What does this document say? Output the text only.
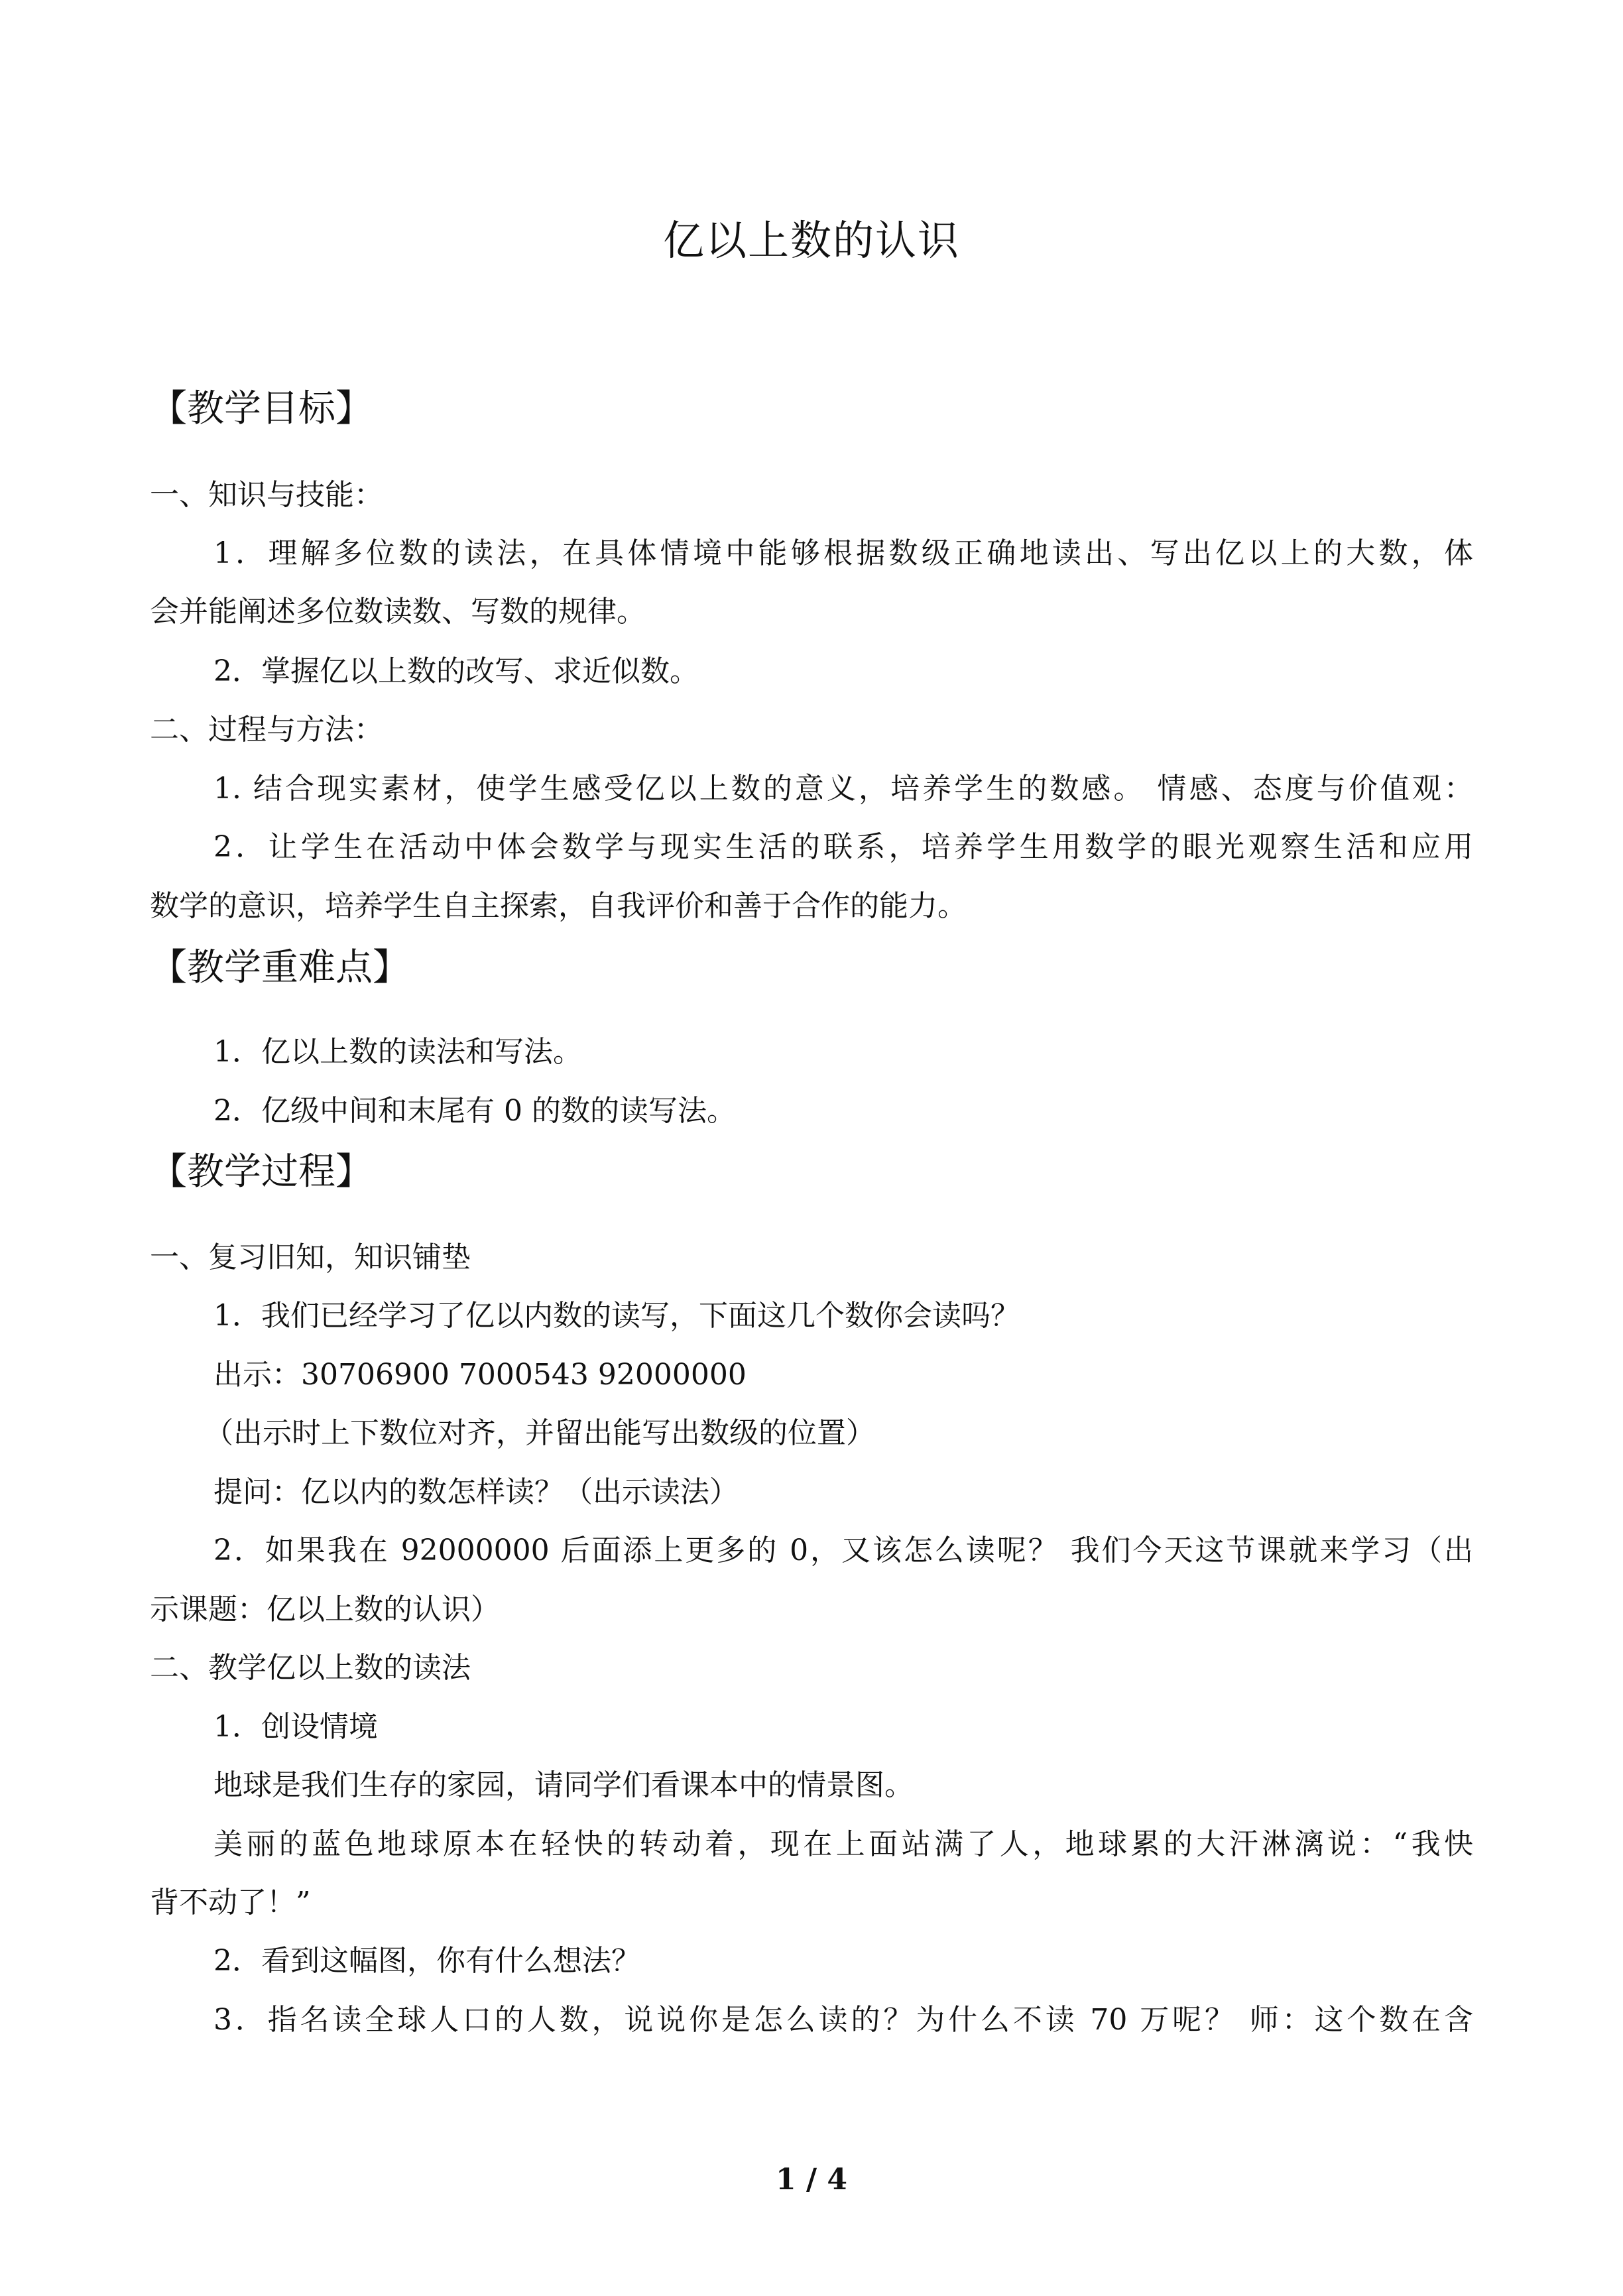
亿以上数的认识
【教学目标】
一、知识与技能：
1．理解多位数的读法，在具体情境中能够根据数级正确地读出、写出亿以上的大数，体
会并能阐述多位数读数、写数的规律。
2．掌握亿以上数的改写、求近似数。
二、过程与方法：
1. 结合现实素材，使学生感受亿以上数的意义，培养学生的数感。 情感、态度与价值观：
2．让学生在活动中体会数学与现实生活的联系，培养学生用数学的眼光观察生活和应用
数学的意识，培养学生自主探索，自我评价和善于合作的能力。
【教学重难点】
1．亿以上数的读法和写法。
2．亿级中间和末尾有 0 的数的读写法。
【教学过程】
一、复习旧知，知识铺垫
1．我们已经学习了亿以内数的读写，下面这几个数你会读吗？
出示：30706900 7000543 92000000
（出示时上下数位对齐，并留出能写出数级的位置）
提问：亿以内的数怎样读？（出示读法）
2．如果我在 92000000 后面添上更多的 0，又该怎么读呢？ 我们今天这节课就来学习（出
示课题：亿以上数的认识）
二、教学亿以上数的读法
1．创设情境
地球是我们生存的家园，请同学们看课本中的情景图。
美丽的蓝色地球原本在轻快的转动着，现在上面站满了人，地球累的大汗淋漓说：“我快
背不动了！”
2．看到这幅图，你有什么想法？
3．指名读全球人口的人数，说说你是怎么读的？为什么不读 70 万呢？ 师：这个数在含
1 / 4
